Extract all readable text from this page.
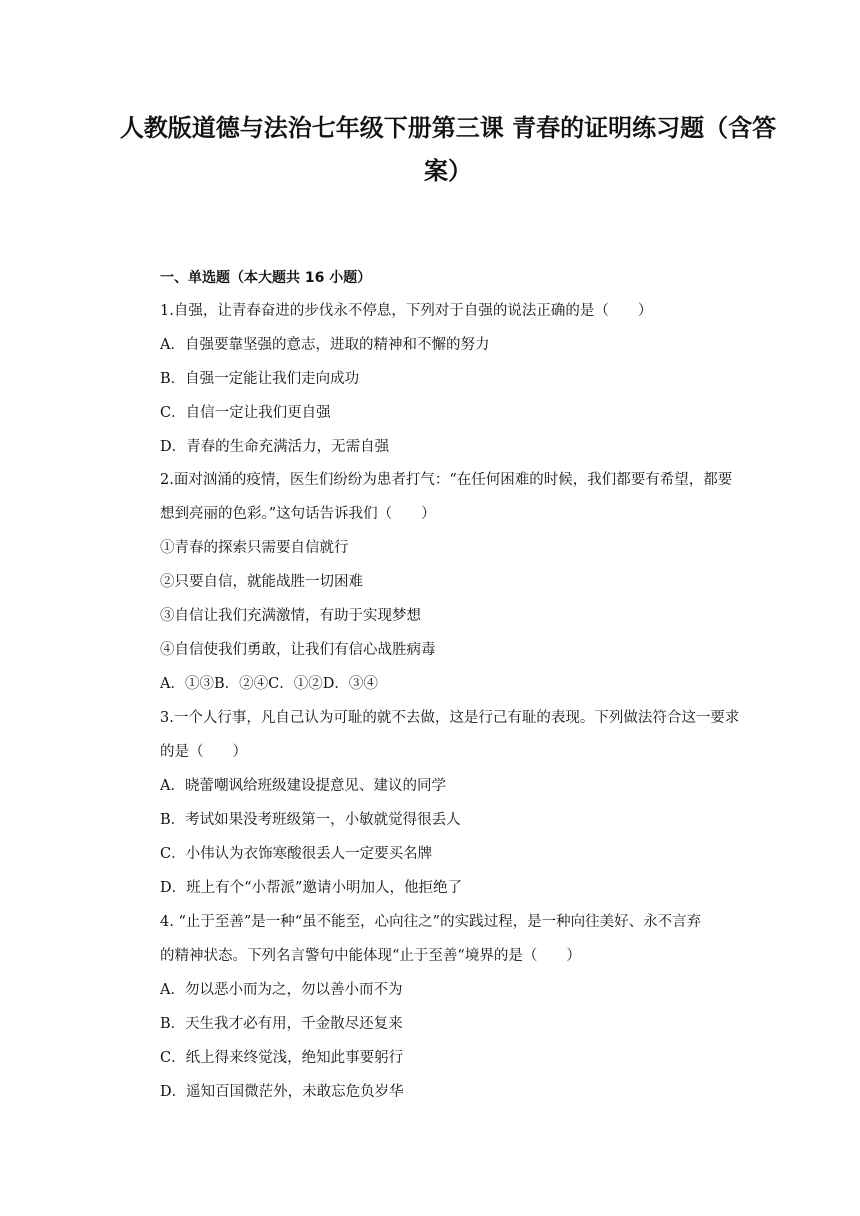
人教版道德与法治七年级下册第三课 青春的证明练习题（含答
案）
一、单选题（本大题共 16 小题）
1.自强，让青春奋进的步伐永不停息，下列对于自强的说法正确的是（　　）
A．自强要靠坚强的意志，进取的精神和不懈的努力
B．自强一定能让我们走向成功
C．自信一定让我们更自强
D．青春的生命充满活力，无需自强
2.面对汹涌的疫情，医生们纷纷为患者打气：“在任何困难的时候，我们都要有希望，都要
想到亮丽的色彩。”这句话告诉我们（　　）
①青春的探索只需要自信就行
②只要自信，就能战胜一切困难
③自信让我们充满激情，有助于实现梦想
④自信使我们勇敢，让我们有信心战胜病毒
A．①③B．②④C．①②D．③④
3.一个人行事，凡自己认为可耻的就不去做，这是行己有耻的表现。下列做法符合这一要求
的是（　　）
A．晓蕾嘲讽给班级建设提意见、建议的同学
B．考试如果没考班级第一，小敏就觉得很丢人
C．小伟认为衣饰寒酸很丢人一定要买名牌
D．班上有个“小帮派”邀请小明加人，他拒绝了
4. “止于至善”是一种“虽不能至，心向往之”的实践过程，是一种向往美好、永不言弃
的精神状态。下列名言警句中能体现“止于至善“境界的是（　　）
A．勿以恶小而为之，勿以善小而不为
B．天生我才必有用，千金散尽还复来
C．纸上得来终觉浅，绝知此事要躬行
D．遥知百国微茫外，未敢忘危负岁华
